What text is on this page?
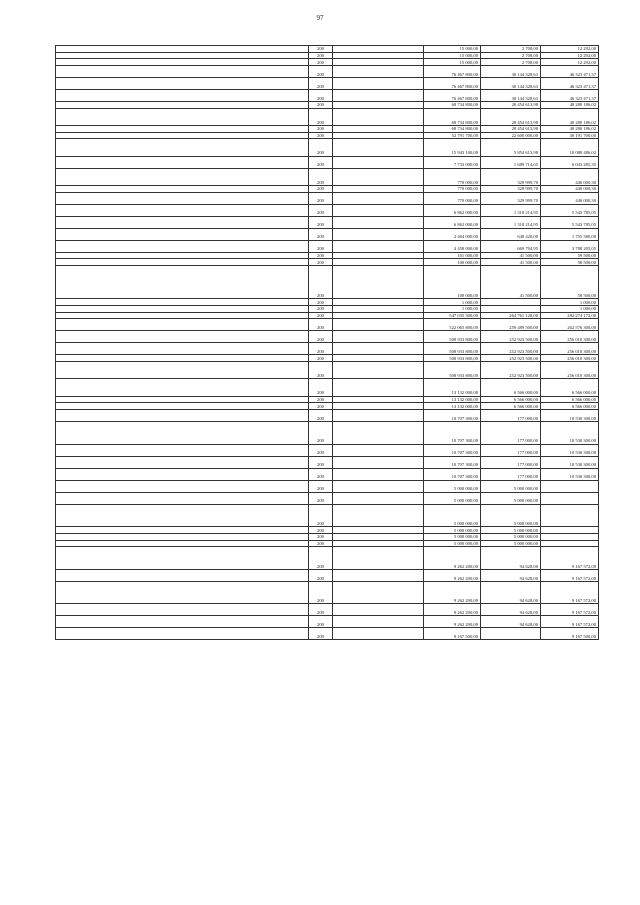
97
	200		15 000,00	2 708,00	12 292,00
	200		15 000,00	2 708,00	12 292,00
	200		15 000,00	2 708,00	12 292,00
	200		76 467 800,00	30 144 328,63	46 323 471,37
	200		76 467 800,00	30 144 328,63	46 323 471,37
	200		76 467 800,00	30 144 328,63	46 323 471,37
	200		68 734 800,00	28 454 613,98	40 280 186,02
	200		68 734 800,00	28 454 613,98	40 280 186,02
	200		68 734 800,00	28 454 613,98	40 280 186,02
	200		52 791 700,00	22 600 000,00	30 191 700,00
	200		15 943 100,00	5 854 613,98	10 088 486,02
	200		7 733 000,00	1 689 714,65	6 043 285,35
	200		770 000,00	329 999,70	440 000,30
	200		770 000,00	329 999,70	440 000,30
	200		770 000,00	329 999,70	440 000,30
	200		6 862 000,00	1 318 214,95	5 543 785,05
	200		6 862 000,00	1 318 214,95	5 543 785,05
	200		2 404 000,00	648 420,00	1 755 580,00
	200		4 458 000,00	669 794,95	3 788 205,05
	200		101 000,00	41 500,00	59 500,00
	200		100 000,00	41 500,00	58 500,00
	200		100 000,00	41 500,00	58 500,00
	200		1 000,00		1 000,00
	200		1 000,00		1 000,00
	200		547 035 300,00	264 761 128,00	282 274 172,00
	200		522 065 800,00	259 489 500,00	262 576 300,00
	200		508 933 800,00	252 923 500,00	256 010 300,00
	200		508 933 800,00	252 923 500,00	256 010 300,00
	200		508 933 800,00	252 923 500,00	256 010 300,00
	200		508 933 800,00	252 923 500,00	256 010 300,00
	200		13 132 000,00	6 566 000,00	6 566 000,00
	200		13 132 000,00	6 566 000,00	6 566 000,00
	200		13 132 000,00	6 566 000,00	6 566 000,00
	200		10 707 300,00	177 000,00	10 530 300,00
	200		10 707 300,00	177 000,00	10 530 300,00
	200		10 707 300,00	177 000,00	10 530 300,00
	200		10 707 300,00	177 000,00	10 530 300,00
	200		10 707 300,00	177 000,00	10 530 300,00
	200		5 000 000,00	5 000 000,00	
	200		5 000 000,00	5 000 000,00	
	200		5 000 000,00	5 000 000,00	
	200		5 000 000,00	5 000 000,00	
	200		5 000 000,00	5 000 000,00	
	200		5 000 000,00	5 000 000,00	
	200		9 262 200,00	94 628,00	9 167 572,00
	200		9 262 200,00	94 628,00	9 167 572,00
	200		9 262 200,00	94 628,00	9 167 572,00
	200		9 262 200,00	94 628,00	9 167 572,00
	200		9 262 200,00	94 628,00	9 167 572,00
	200		9 167 500,00		9 167 500,00
